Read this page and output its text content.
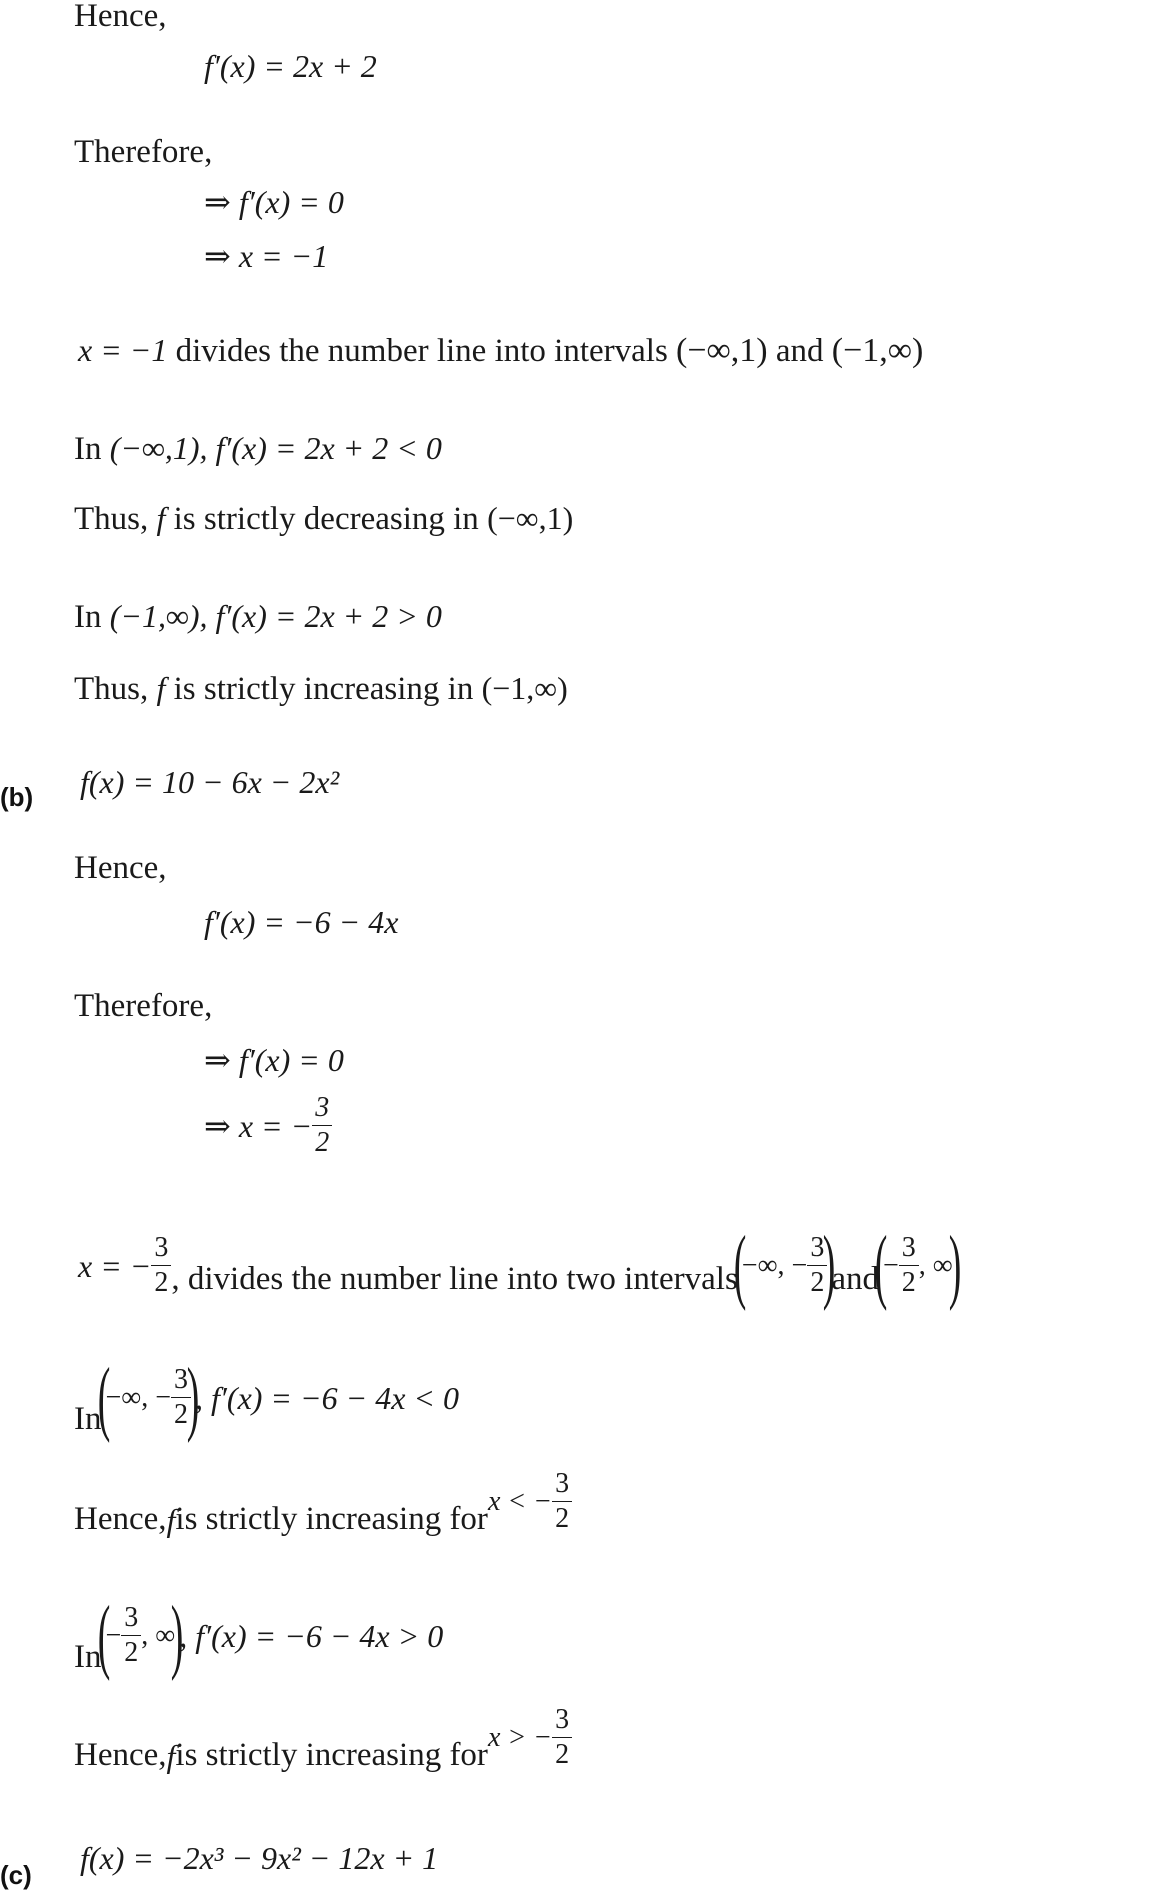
Hence,
f′(x) = 2x + 2
Therefore,
⇒ f′(x) = 0
⇒ x = −1
x = −1 divides the number line into intervals (−∞,1) and (−1,∞)
In (−∞,1), f′(x) = 2x + 2 < 0
Thus, f is strictly decreasing in (−∞,1)
In (−1,∞), f′(x) = 2x + 2 > 0
Thus, f is strictly increasing in (−1,∞)
(b) f(x) = 10 − 6x − 2x²
Hence,
f′(x) = −6 − 4x
Therefore,
⇒ f′(x) = 0
⇒ x = − $\frac{3}{2}$
x = − $\frac{3}{2}$ , divides the number line into two intervals(−∞, − $\frac{3}{2}$
)$and(- \frac{3}{2}$ , ∞)
In(−∞, − $\frac{3}{2}$
), f′(x) = −6 − 4x < 0
Hence,fis strictly increasing forx < − $\frac{3}{2}$
$In(- \frac{3}{2}$ , ∞), f′(x) = −6 − 4x > 0
Hence,fis strictly increasing forx > − $\frac{3}{2}$
(c) f(x) = −2x³ − 9x² − 12x + 1
